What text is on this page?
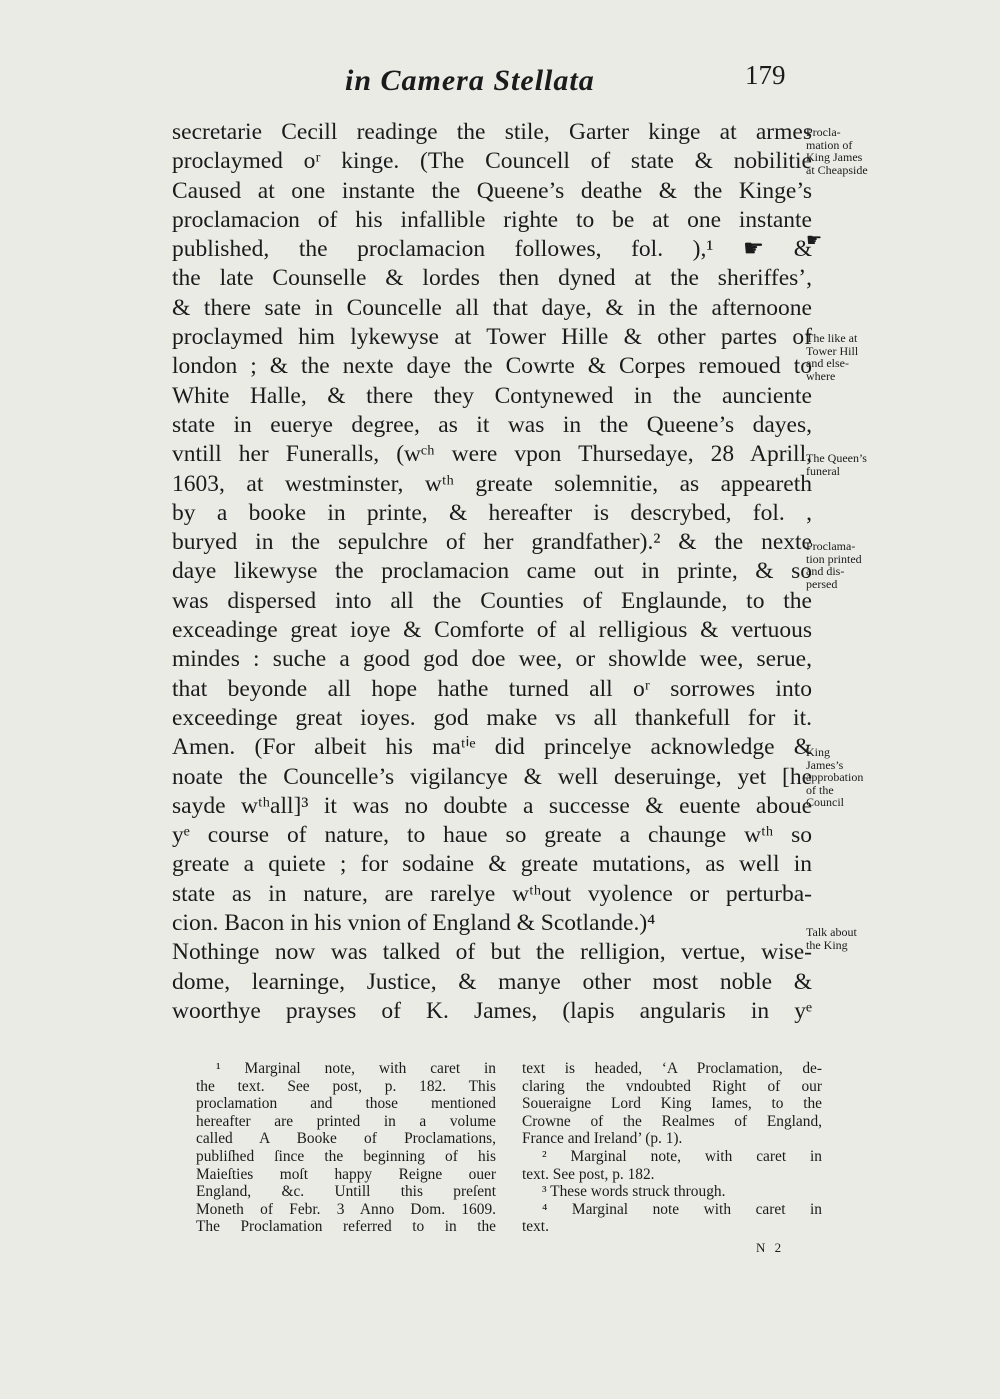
in Camera Stellata	179
secretarie Cecill readinge the stile, Garter kinge at armes
proclaymed oʳ kinge. (The Councell of state & nobilitie
Caused at one instante the Queene’s deathe & the Kinge’s
proclamacion of his infallible righte to be at one instante
published, the proclamacion followes, fol. ),¹ ☛ &
the late Counselle & lordes then dyned at the sheriffes’,
& there sate in Councelle all that daye, & in the afternoone
proclaymed him lykewyse at Tower Hille & other partes of
london ; & the nexte daye the Cowrte & Corpes remoued to
White Halle, & there they Contynewed in the aunciente
state in euerye degree, as it was in the Queene’s dayes,
vntill her Funeralls, (wᶜʰ were vpon Thursedaye, 28 Aprill,
1603, at westminster, wᵗʰ greate solemnitie, as appeareth
by a booke in printe, & hereafter is descrybed, fol. ,
buryed in the sepulchre of her grandfather).² & the nexte
daye likewyse the proclamacion came out in printe, & so
was dispersed into all the Counties of Englaunde, to the
exceadinge great ioye & Comforte of al relligious & vertuous
mindes : suche a good god doe wee, or showlde wee, serue,
that beyonde all hope hathe turned all oʳ sorrowes into
exceedinge great ioyes. god make vs all thankefull for it.
Amen. (For albeit his maᵗⁱᵉ did princelye acknowledge &
noate the Councelle’s vigilancye & well deseruinge, yet [he
sayde wᵗʰall]³ it was no doubte a successe & euente aboue
yᵉ course of nature, to haue so greate a chaunge wᵗʰ so
greate a quiete ; for sodaine & greate mutations, as well in
state as in nature, are rarelye wᵗʰout vyolence or perturba-
cion. Bacon in his vnion of England & Scotlande.)⁴
Nothinge now was talked of but the relligion, vertue, wise-
dome, learninge, Justice, & manye other most noble &
woorthye prayses of K. James, (lapis angularis in yᵉ
Procla-
mation of
King James
at Cheapside
☛
The like at
Tower Hill
and else-
where
The Queen’s
funeral
Proclama-
tion printed
and dis-
persed
King
James’s
approbation
of the
Council
Talk about
the King
¹ Marginal note, with caret in
the text. See post, p. 182. This
proclamation and those mentioned
hereafter are printed in a volume
called A Booke of Proclamations,
publiſhed ſince the beginning of his
Maieſties moſt happy Reigne ouer
England, &c. Untill this preſent
Moneth of Febr. 3 Anno Dom. 1609.
The Proclamation referred to in the
text is headed, ‘A Proclamation, de-
claring the vndoubted Right of our
Soueraigne Lord King Iames, to the
Crowne of the Realmes of England,
France and Ireland’ (p. 1).
² Marginal note, with caret in
text. See post, p. 182.
³ These words struck through.
⁴ Marginal note with caret in
text.
N 2
